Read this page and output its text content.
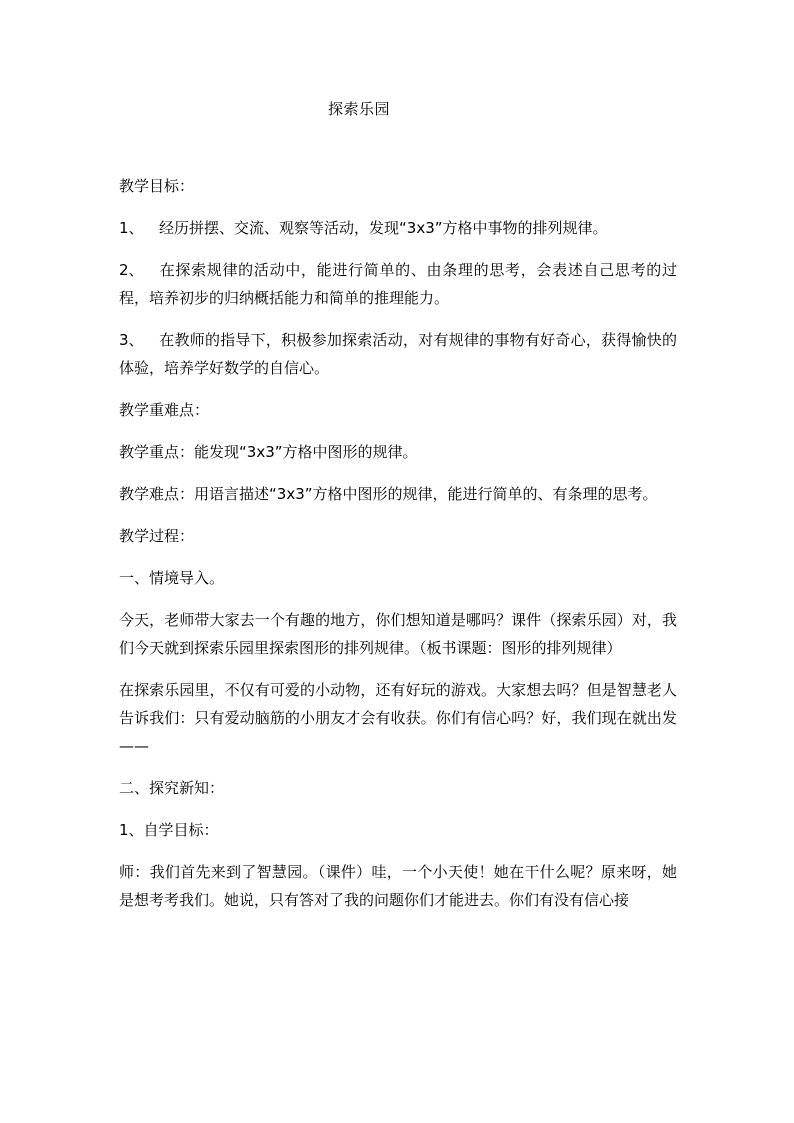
探索乐园

教学目标：

1、 经历拼摆、交流、观察等活动，发现“3x3”方格中事物的排列规律。

2、 在探索规律的活动中，能进行简单的、由条理的思考，会表述自己思考的过程，培养初步的归纳概括能力和简单的推理能力。

3、 在教师的指导下，积极参加探索活动，对有规律的事物有好奇心，获得愉快的体验，培养学好数学的自信心。

教学重难点：

教学重点：能发现“3x3”方格中图形的规律。

教学难点：用语言描述“3x3”方格中图形的规律，能进行简单的、有条理的思考。

教学过程：

一、情境导入。

今天，老师带大家去一个有趣的地方，你们想知道是哪吗？课件（探索乐园）对，我们今天就到探索乐园里探索图形的排列规律。（板书课题：图形的排列规律）

在探索乐园里，不仅有可爱的小动物，还有好玩的游戏。大家想去吗？但是智慧老人告诉我们：只有爱动脑筋的小朋友才会有收获。你们有信心吗？好，我们现在就出发——

二、探究新知：

1、自学目标：

师：我们首先来到了智慧园。（课件）哇，一个小天使！她在干什么呢？原来呀，她是想考考我们。她说，只有答对了我的问题你们才能进去。你们有没有信心接
